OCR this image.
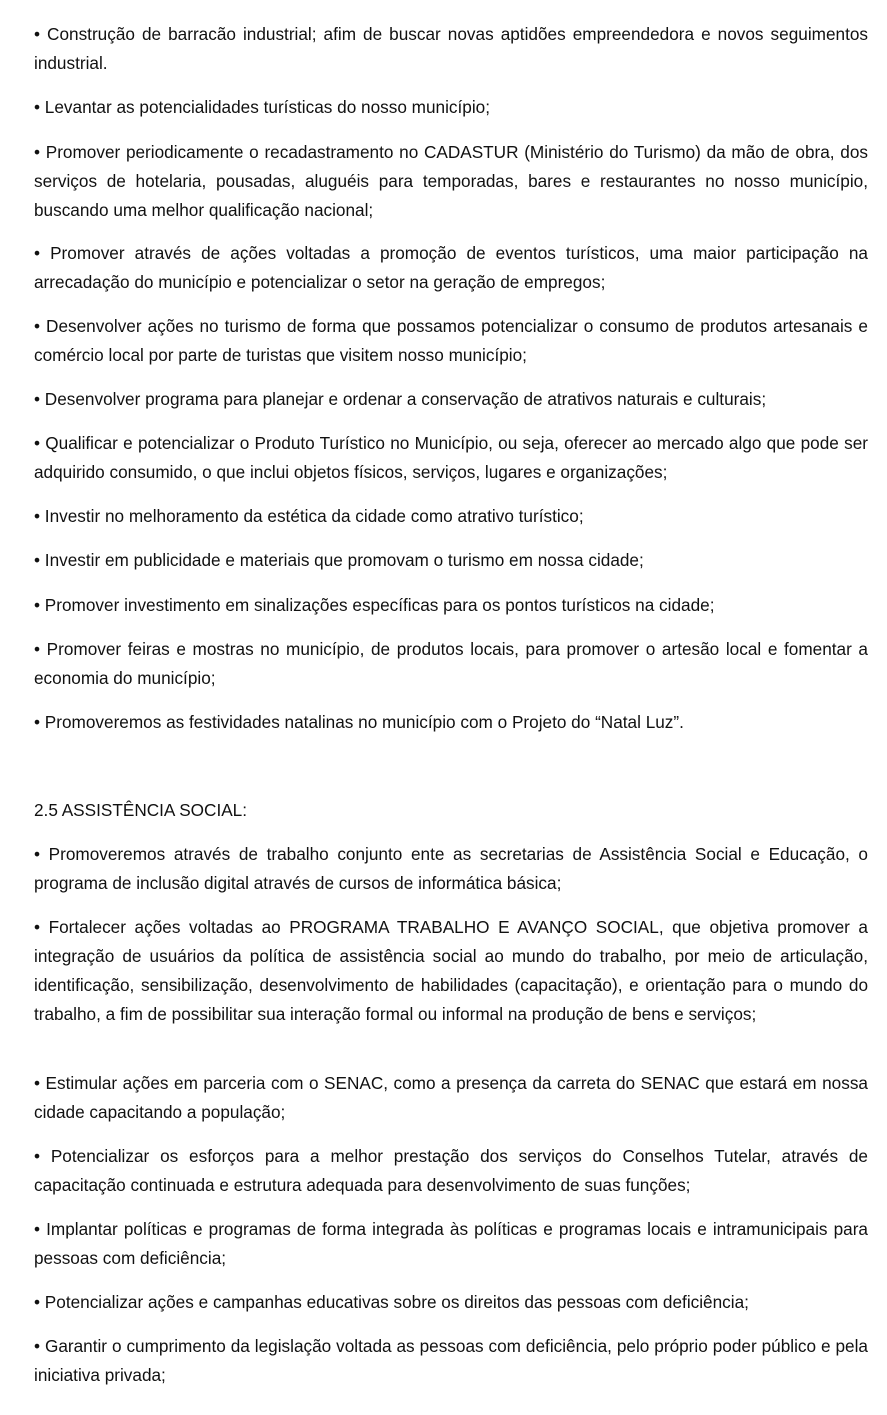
• Construção de barracão industrial; afim de buscar novas aptidões empreendedora e novos seguimentos industrial.

• Levantar as potencialidades turísticas do nosso município;

• Promover periodicamente o recadastramento no CADASTUR (Ministério do Turismo) da mão de obra, dos serviços de hotelaria, pousadas, aluguéis para temporadas, bares e restaurantes no nosso município, buscando uma melhor qualificação nacional;

• Promover através de ações voltadas a promoção de eventos turísticos, uma maior participação na arrecadação do município e potencializar o setor na geração de empregos;

• Desenvolver ações no turismo de forma que possamos potencializar o consumo de produtos artesanais e comércio local por parte de turistas que visitem nosso município;

• Desenvolver programa para planejar e ordenar a conservação de atrativos naturais e culturais;

• Qualificar e potencializar o Produto Turístico no Município, ou seja, oferecer ao mercado algo que pode ser adquirido consumido, o que inclui objetos físicos, serviços, lugares e organizações;

• Investir no melhoramento da estética da cidade como atrativo turístico;

• Investir em publicidade e materiais que promovam o turismo em nossa cidade;

• Promover investimento em sinalizações específicas para os pontos turísticos na cidade;

• Promover feiras e mostras no município, de produtos locais, para promover o artesão local e fomentar a economia do município;

• Promoveremos as festividades natalinas no município com o Projeto do “Natal Luz”.

2.5 ASSISTÊNCIA SOCIAL:

• Promoveremos através de trabalho conjunto ente as secretarias de Assistência Social e Educação, o programa de inclusão digital através de cursos de informática básica;

• Fortalecer ações voltadas ao PROGRAMA TRABALHO E AVANÇO SOCIAL, que objetiva promover a integração de usuários da política de assistência social ao mundo do trabalho, por meio de articulação, identificação, sensibilização, desenvolvimento de habilidades (capacitação), e orientação para o mundo do trabalho, a fim de possibilitar sua interação formal ou informal na produção de bens e serviços;

• Estimular ações em parceria com o SENAC, como a presença da carreta do SENAC que estará em nossa cidade capacitando a população;

• Potencializar os esforços para a melhor prestação dos serviços do Conselhos Tutelar, através de capacitação continuada e estrutura adequada para desenvolvimento de suas funções;

• Implantar políticas e programas de forma integrada às políticas e programas locais e intramunicipais para pessoas com deficiência;

• Potencializar ações e campanhas educativas sobre os direitos das pessoas com deficiência;

• Garantir o cumprimento da legislação voltada as pessoas com deficiência, pelo próprio poder público e pela iniciativa privada;
